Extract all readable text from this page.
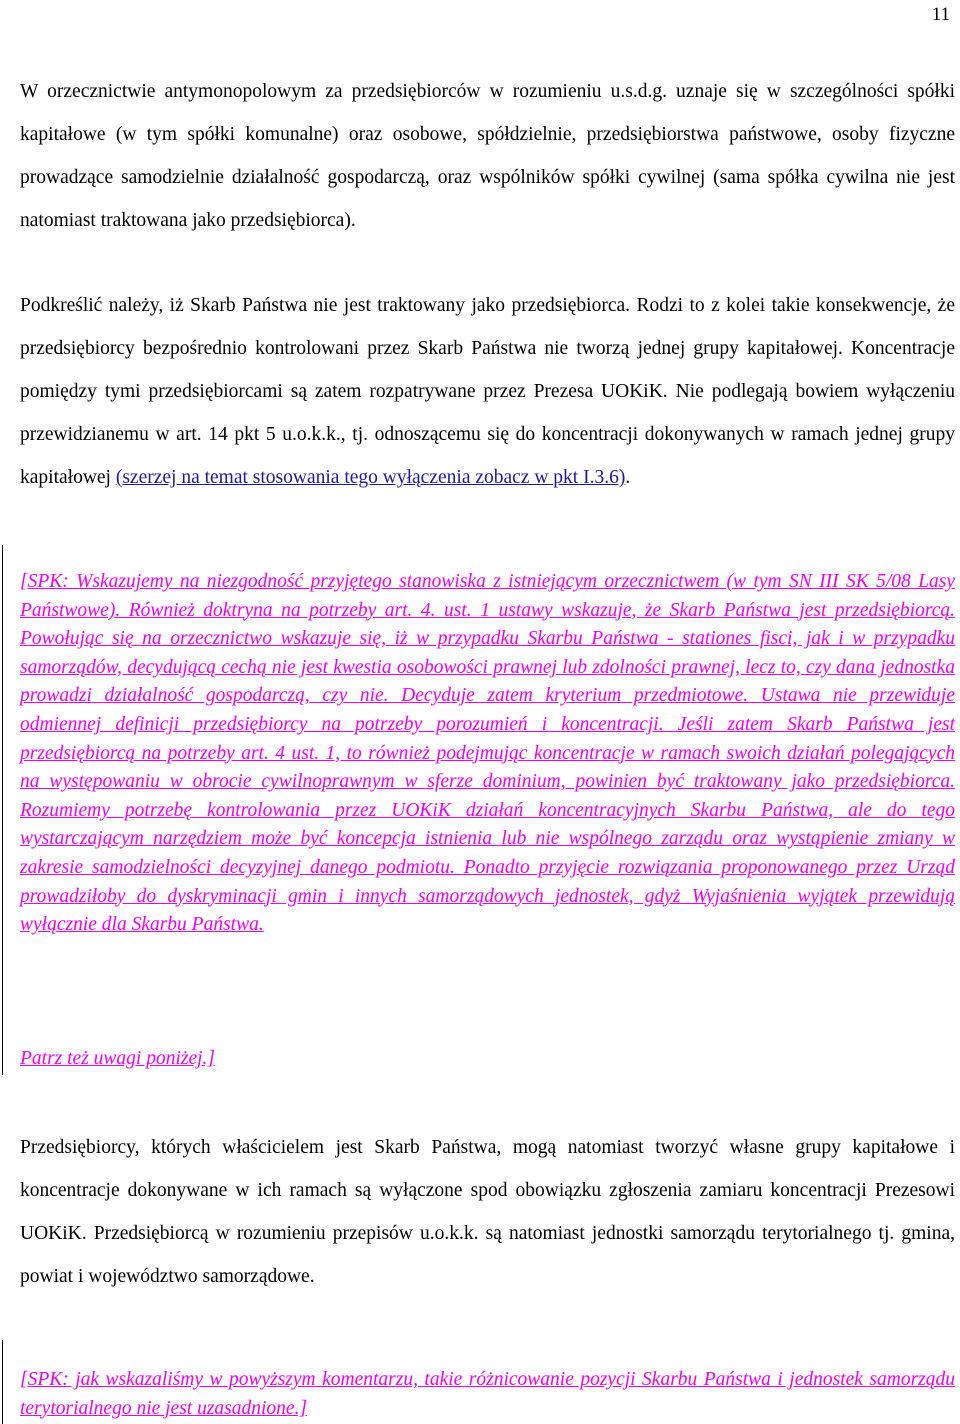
11

W orzecznictwie antymonopolowym za przedsiębiorców w rozumieniu u.s.d.g. uznaje się w szczególności spółki kapitałowe (w tym spółki komunalne) oraz osobowe, spółdzielnie, przedsiębiorstwa państwowe, osoby fizyczne prowadzące samodzielnie działalność gospodarczą, oraz wspólników spółki cywilnej (sama spółka cywilna nie jest natomiast traktowana jako przedsiębiorca).

Podkreślić należy, iż Skarb Państwa nie jest traktowany jako przedsiębiorca. Rodzi to z kolei takie konsekwencje, że przedsiębiorcy bezpośrednio kontrolowani przez Skarb Państwa nie tworzą jednej grupy kapitałowej. Koncentracje pomiędzy tymi przedsiębiorcami są zatem rozpatrywane przez Prezesa UOKiK. Nie podlegają bowiem wyłączeniu przewidzianemu w art. 14 pkt 5 u.o.k.k., tj. odnoszącemu się do koncentracji dokonywanych w ramach jednej grupy kapitałowej (szerzej na temat stosowania tego wyłączenia zobacz w pkt I.3.6).

[SPK: Wskazujemy na niezgodność przyjętego stanowiska z istniejącym orzecznictwem (w tym SN III SK 5/08 Lasy Państwowe). Również doktryna na potrzeby art. 4. ust. 1 ustawy wskazuje, że Skarb Państwa jest przedsiębiorcą. Powołując się na orzecznictwo wskazuje się, iż w przypadku Skarbu Państwa - stationes fisci, jak i w przypadku samorządów, decydującą cechą nie jest kwestia osobowości prawnej lub zdolności prawnej, lecz to, czy dana jednostka prowadzi działalność gospodarczą, czy nie. Decyduje zatem kryterium przedmiotowe. Ustawa nie przewiduje odmiennej definicji przedsiębiorcy na potrzeby porozumień i koncentracji. Jeśli zatem Skarb Państwa jest przedsiębiorcą na potrzeby art. 4 ust. 1, to również podejmując koncentracje w ramach swoich działań polegających na występowaniu w obrocie cywilnoprawnym w sferze dominium, powinien być traktowany jako przedsiębiorca. Rozumiemy potrzebę kontrolowania przez UOKiK działań koncentracyjnych Skarbu Państwa, ale do tego wystarczającym narzędziem może być koncepcja istnienia lub nie wspólnego zarządu oraz wystąpienie zmiany w zakresie samodzielności decyzyjnej danego podmiotu. Ponadto przyjęcie rozwiązania proponowanego przez Urząd prowadziłoby do dyskryminacji gmin i innych samorządowych jednostek, gdyż Wyjaśnienia wyjątek przewidują wyłącznie dla Skarbu Państwa.

Patrz też uwagi poniżej.]

Przedsiębiorcy, których właścicielem jest Skarb Państwa, mogą natomiast tworzyć własne grupy kapitałowe i koncentracje dokonywane w ich ramach są wyłączone spod obowiązku zgłoszenia zamiaru koncentracji Prezesowi UOKiK. Przedsiębiorcą w rozumieniu przepisów u.o.k.k. są natomiast jednostki samorządu terytorialnego tj. gmina, powiat i województwo samorządowe.

[SPK: jak wskazaliśmy w powyższym komentarzu, takie różnicowanie pozycji Skarbu Państwa i jednostek samorządu terytorialnego nie jest uzasadnione.]
